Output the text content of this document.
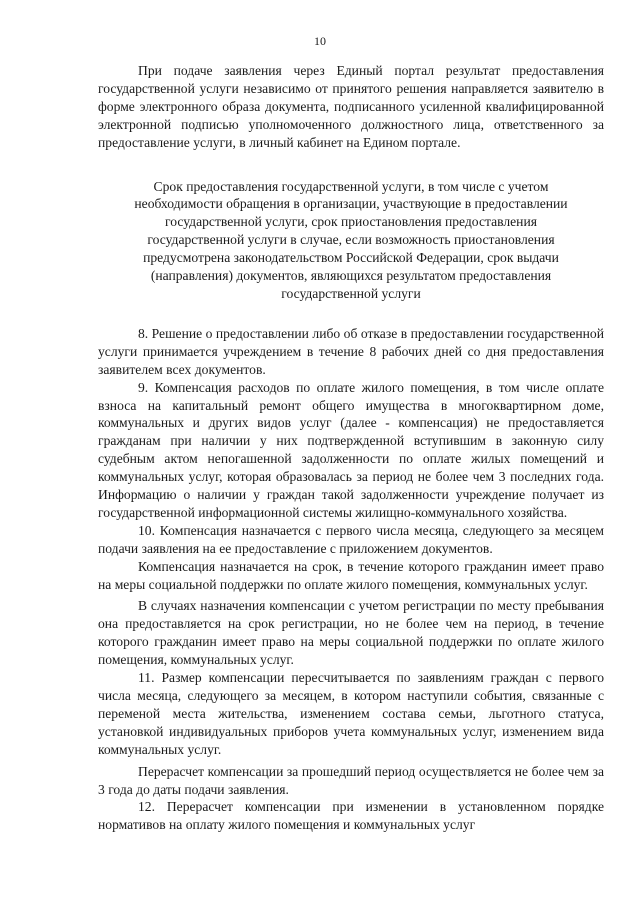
10

При подаче заявления через Единый портал результат предоставления государственной услуги независимо от принятого решения направляется заявителю в форме электронного образа документа, подписанного усиленной квалифицированной электронной подписью уполномоченного должностного лица, ответственного за предоставление услуги, в личный кабинет на Едином портале.

Срок предоставления государственной услуги, в том числе с учетом необходимости обращения в организации, участвующие в предоставлении государственной услуги, срок приостановления предоставления государственной услуги в случае, если возможность приостановления предусмотрена законодательством Российской Федерации, срок выдачи (направления) документов, являющихся результатом предоставления государственной услуги

8. Решение о предоставлении либо об отказе в предоставлении государственной услуги принимается учреждением в течение 8 рабочих дней со дня предоставления заявителем всех документов.

9. Компенсация расходов по оплате жилого помещения, в том числе оплате взноса на капитальный ремонт общего имущества в многоквартирном доме, коммунальных и других видов услуг (далее - компенсация) не предоставляется гражданам при наличии у них подтвержденной вступившим в законную силу судебным актом непогашенной задолженности по оплате жилых помещений и коммунальных услуг, которая образовалась за период не более чем 3 последних года. Информацию о наличии у граждан такой задолженности учреждение получает из государственной информационной системы жилищно-коммунального хозяйства.

10. Компенсация назначается с первого числа месяца, следующего за месяцем подачи заявления на ее предоставление с приложением документов.

Компенсация назначается на срок, в течение которого гражданин имеет право на меры социальной поддержки по оплате жилого помещения, коммунальных услуг.

В случаях назначения компенсации с учетом регистрации по месту пребывания она предоставляется на срок регистрации, но не более чем на период, в течение которого гражданин имеет право на меры социальной поддержки по оплате жилого помещения, коммунальных услуг.

11. Размер компенсации пересчитывается по заявлениям граждан с первого числа месяца, следующего за месяцем, в котором наступили события, связанные с переменой места жительства, изменением состава семьи, льготного статуса, установкой индивидуальных приборов учета коммунальных услуг, изменением вида коммунальных услуг.

Перерасчет компенсации за прошедший период осуществляется не более чем за 3 года до даты подачи заявления.

12. Перерасчет компенсации при изменении в установленном порядке нормативов на оплату жилого помещения и коммунальных услуг
